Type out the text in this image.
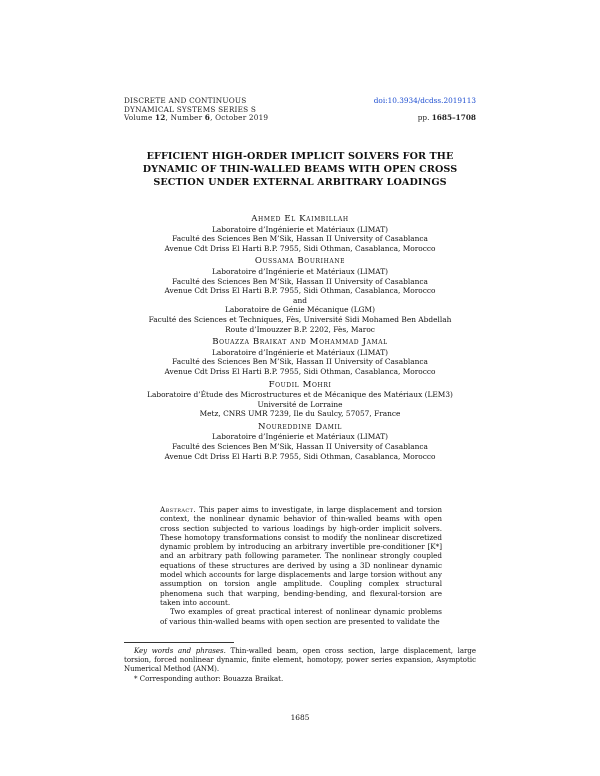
DISCRETE AND CONTINUOUS
DYNAMICAL SYSTEMS SERIES S
Volume 12, Number 6, October 2019
doi:10.3934/dcdss.2019113
pp. 1685–1708
EFFICIENT HIGH-ORDER IMPLICIT SOLVERS FOR THE
DYNAMIC OF THIN-WALLED BEAMS WITH OPEN CROSS
SECTION UNDER EXTERNAL ARBITRARY LOADINGS
Ahmed El Kaimbillah
Laboratoire d’Ingénierie et Matériaux (LIMAT)
Faculté des Sciences Ben M’Sik, Hassan II University of Casablanca
Avenue Cdt Driss El Harti B.P. 7955, Sidi Othman, Casablanca, Morocco
Oussama Bourihane
Laboratoire d’Ingénierie et Matériaux (LIMAT)
Faculté des Sciences Ben M’Sik, Hassan II University of Casablanca
Avenue Cdt Driss El Harti B.P. 7955, Sidi Othman, Casablanca, Morocco
and
Laboratoire de Génie Mécanique (LGM)
Faculté des Sciences et Techniques, Fès, Université Sidi Mohamed Ben Abdellah
Route d’Imouzzer B.P. 2202, Fès, Maroc
Bouazza Braikat and Mohammad Jamal
Laboratoire d’Ingénierie et Matériaux (LIMAT)
Faculté des Sciences Ben M’Sik, Hassan II University of Casablanca
Avenue Cdt Driss El Harti B.P. 7955, Sidi Othman, Casablanca, Morocco
Foudil Mohri
Laboratoire d’Étude des Microstructures et de Mécanique des Matériaux (LEM3)
Université de Lorraine
Metz, CNRS UMR 7239, Ile du Saulcy, 57057, France
Noureddine Damil
Laboratoire d’Ingénierie et Matériaux (LIMAT)
Faculté des Sciences Ben M’Sik, Hassan II University of Casablanca
Avenue Cdt Driss El Harti B.P. 7955, Sidi Othman, Casablanca, Morocco

Abstract. This paper aims to investigate, in large displacement and torsion context, the nonlinear dynamic behavior of thin-walled beams with open cross section subjected to various loadings by high-order implicit solvers. These homotopy transformations consist to modify the nonlinear discretized dynamic problem by introducing an arbitrary invertible pre-conditioner [K*] and an arbitrary path following parameter. The nonlinear strongly coupled equations of these structures are derived by using a 3D nonlinear dynamic model which accounts for large displacements and large torsion without any assumption on torsion angle amplitude. Coupling complex structural phenomena such that warping, bending-bending, and flexural-torsion are taken into account.

Two examples of great practical interest of nonlinear dynamic problems of various thin-walled beams with open section are presented to validate the

Key words and phrases. Thin-walled beam, open cross section, large displacement, large torsion, forced nonlinear dynamic, finite element, homotopy, power series expansion, Asymptotic Numerical Method (ANM).

* Corresponding author: Bouazza Braikat.

1685
